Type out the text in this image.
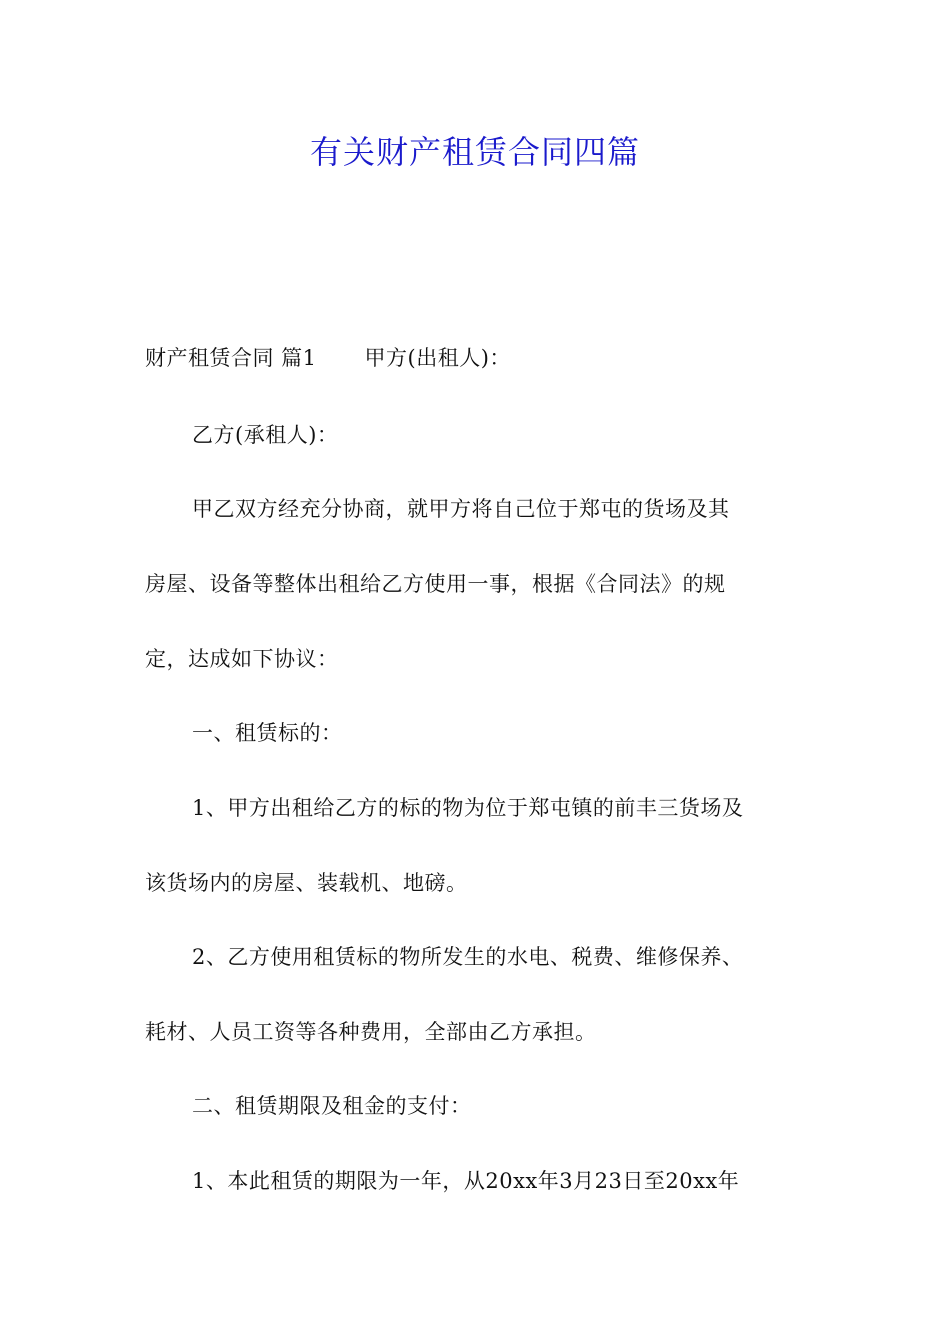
有关财产租赁合同四篇
财产租赁合同 篇1 甲方(出租人)：
乙方(承租人)：
甲乙双方经充分协商，就甲方将自己位于郑屯的货场及其
房屋、设备等整体出租给乙方使用一事，根据《合同法》的规
定，达成如下协议：
一、租赁标的：
1、甲方出租给乙方的标的物为位于郑屯镇的前丰三货场及
该货场内的房屋、装载机、地磅。
2、乙方使用租赁标的物所发生的水电、税费、维修保养、
耗材、人员工资等各种费用，全部由乙方承担。
二、租赁期限及租金的支付：
1、本此租赁的期限为一年，从20xx年3月23日至20xx年
